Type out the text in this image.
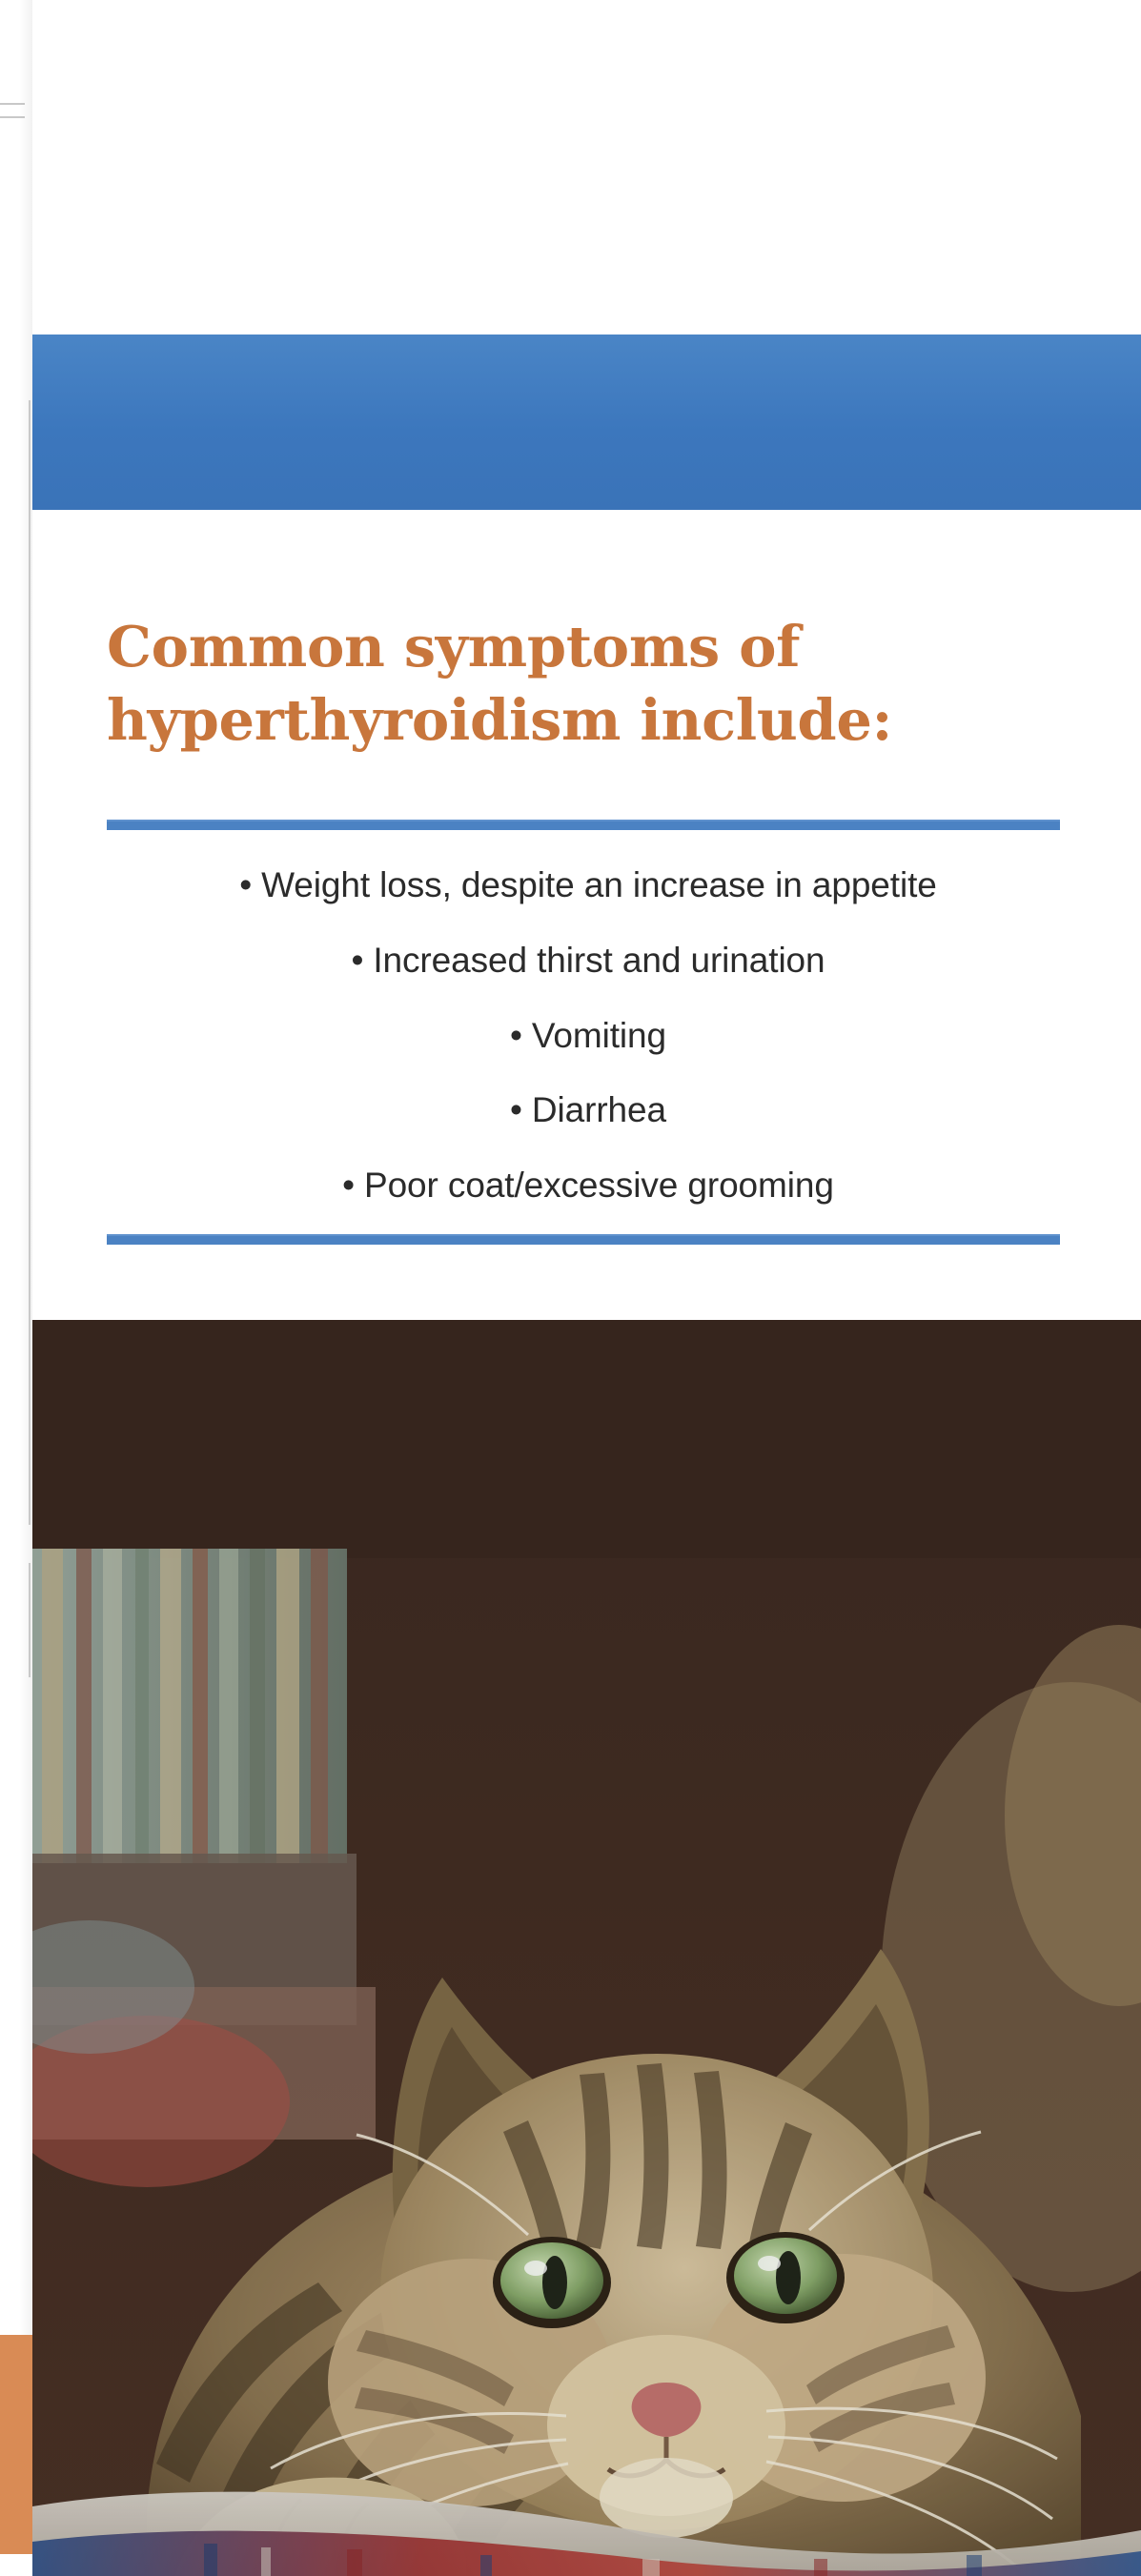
Common symptoms of hyperthyroidism include:
• Weight loss, despite an increase in appetite
• Increased thirst and urination
• Vomiting
• Diarrhea
• Poor coat/excessive grooming
